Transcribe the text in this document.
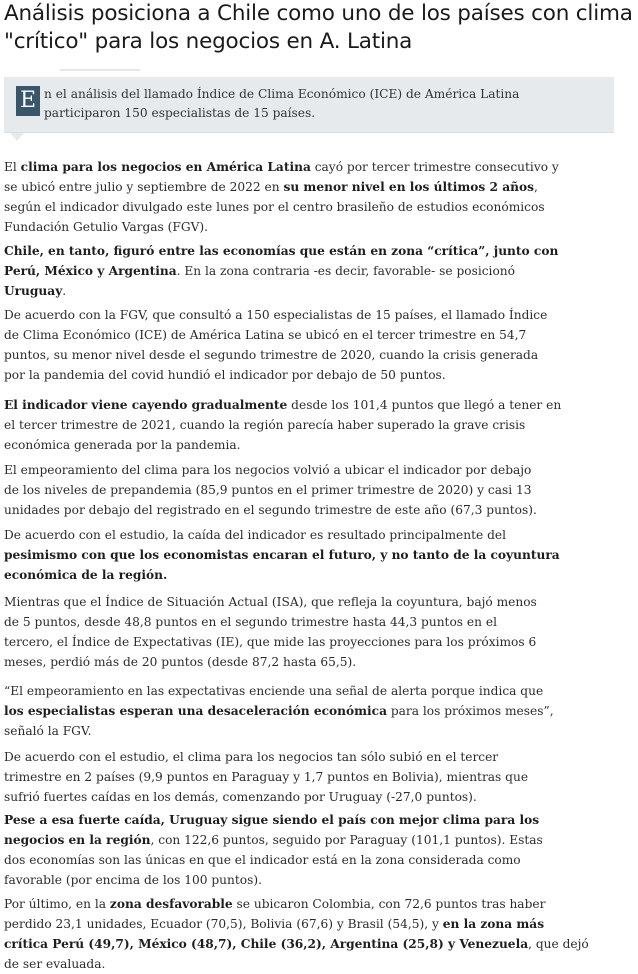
Análisis posiciona a Chile como uno de los países con clima
"crítico" para los negocios en A. Latina
E n el análisis del llamado Índice de Clima Económico (ICE) de América Latina
participaron 150 especialistas de 15 países.

El clima para los negocios en América Latina cayó por tercer trimestre consecutivo y
se ubicó entre julio y septiembre de 2022 en su menor nivel en los últimos 2 años,
según el indicador divulgado este lunes por el centro brasileño de estudios económicos
Fundación Getulio Vargas (FGV).

Chile, en tanto, figuró entre las economías que están en zona “crítica”, junto con
Perú, México y Argentina. En la zona contraria -es decir, favorable- se posicionó
Uruguay.

De acuerdo con la FGV, que consultó a 150 especialistas de 15 países, el llamado Índice
de Clima Económico (ICE) de América Latina se ubicó en el tercer trimestre en 54,7
puntos, su menor nivel desde el segundo trimestre de 2020, cuando la crisis generada
por la pandemia del covid hundió el indicador por debajo de 50 puntos.

El indicador viene cayendo gradualmente desde los 101,4 puntos que llegó a tener en
el tercer trimestre de 2021, cuando la región parecía haber superado la grave crisis
económica generada por la pandemia.

El empeoramiento del clima para los negocios volvió a ubicar el indicador por debajo
de los niveles de prepandemia (85,9 puntos en el primer trimestre de 2020) y casi 13
unidades por debajo del registrado en el segundo trimestre de este año (67,3 puntos).

De acuerdo con el estudio, la caída del indicador es resultado principalmente del
pesimismo con que los economistas encaran el futuro, y no tanto de la coyuntura
económica de la región.

Mientras que el Índice de Situación Actual (ISA), que refleja la coyuntura, bajó menos
de 5 puntos, desde 48,8 puntos en el segundo trimestre hasta 44,3 puntos en el
tercero, el Índice de Expectativas (IE), que mide las proyecciones para los próximos 6
meses, perdió más de 20 puntos (desde 87,2 hasta 65,5).

“El empeoramiento en las expectativas enciende una señal de alerta porque indica que
los especialistas esperan una desaceleración económica para los próximos meses”,
señaló la FGV.

De acuerdo con el estudio, el clima para los negocios tan sólo subió en el tercer
trimestre en 2 países (9,9 puntos en Paraguay y 1,7 puntos en Bolivia), mientras que
sufrió fuertes caídas en los demás, comenzando por Uruguay (-27,0 puntos).

Pese a esa fuerte caída, Uruguay sigue siendo el país con mejor clima para los
negocios en la región, con 122,6 puntos, seguido por Paraguay (101,1 puntos). Estas
dos economías son las únicas en que el indicador está en la zona considerada como
favorable (por encima de los 100 puntos).

Por último, en la zona desfavorable se ubicaron Colombia, con 72,6 puntos tras haber
perdido 23,1 unidades, Ecuador (70,5), Bolivia (67,6) y Brasil (54,5), y en la zona más
crítica Perú (49,7), México (48,7), Chile (36,2), Argentina (25,8) y Venezuela, que dejó
de ser evaluada.
